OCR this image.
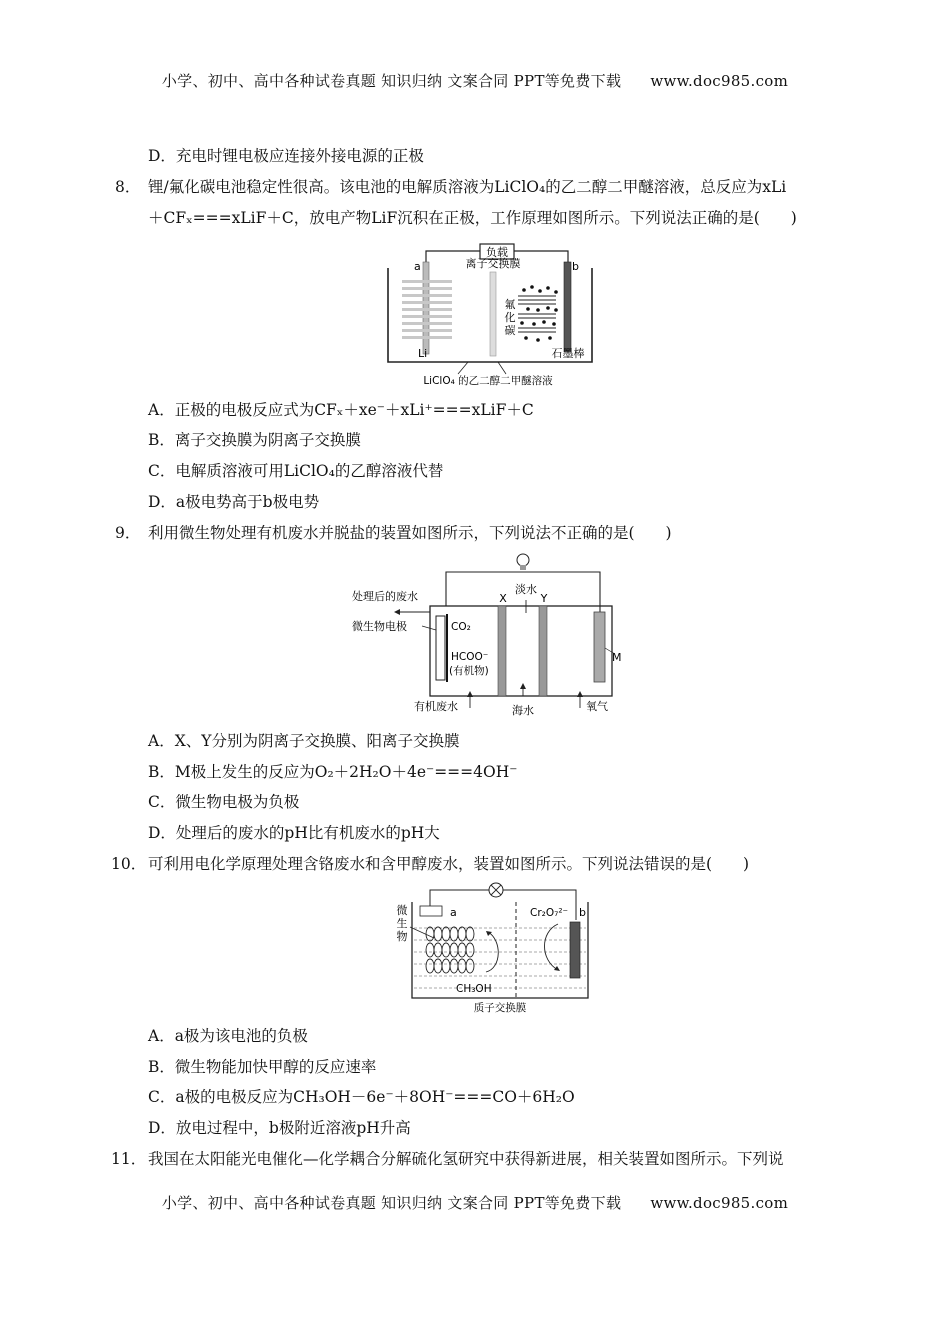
小学、初中、高中各种试卷真题 知识归纳 文案合同 PPT等免费下载 www.doc985.com
D．充电时锂电极应连接外接电源的正极
8． 锂/氟化碳电池稳定性很高。该电池的电解质溶液为LiClO₄的乙二醇二甲醚溶液，总反应为xLi
＋CFₓ===xLiF＋C，放电产物LiF沉积在正极，工作原理如图所示。下列说法正确的是(　　)
负载
a	b
离子交换膜
Li
氟
化
碳
石墨棒
LiClO₄ 的乙二醇二甲醚溶液
A．正极的电极反应式为CFₓ＋xe⁻＋xLi⁺===xLiF＋C
B．离子交换膜为阴离子交换膜
C．电解质溶液可用LiClO₄的乙醇溶液代替
D．a极电势高于b极电势
9． 利用微生物处理有机废水并脱盐的装置如图所示，下列说法不正确的是(　　)
淡水
X	Y
处理后的废水
微生物电极	CO₂
HCOO⁻
(有机物)
M
有机废水	海水	氧气
A．X、Y分别为阴离子交换膜、阳离子交换膜
B．M极上发生的反应为O₂＋2H₂O＋4e⁻===4OH⁻
C．微生物电极为负极
D．处理后的废水的pH比有机废水的pH大
10． 可利用电化学原理处理含铬废水和含甲醇废水，装置如图所示。下列说法错误的是(　　)
微
生
物
a
CH₃OH
Cr₂O₇²⁻ b
质子交换膜
A．a极为该电池的负极
B．微生物能加快甲醇的反应速率
C．a极的电极反应为CH₃OH－6e⁻＋8OH⁻===CO＋6H₂O
D．放电过程中，b极附近溶液pH升高
11． 我国在太阳能光电催化—化学耦合分解硫化氢研究中获得新进展，相关装置如图所示。下列说
小学、初中、高中各种试卷真题 知识归纳 文案合同 PPT等免费下载 www.doc985.com
